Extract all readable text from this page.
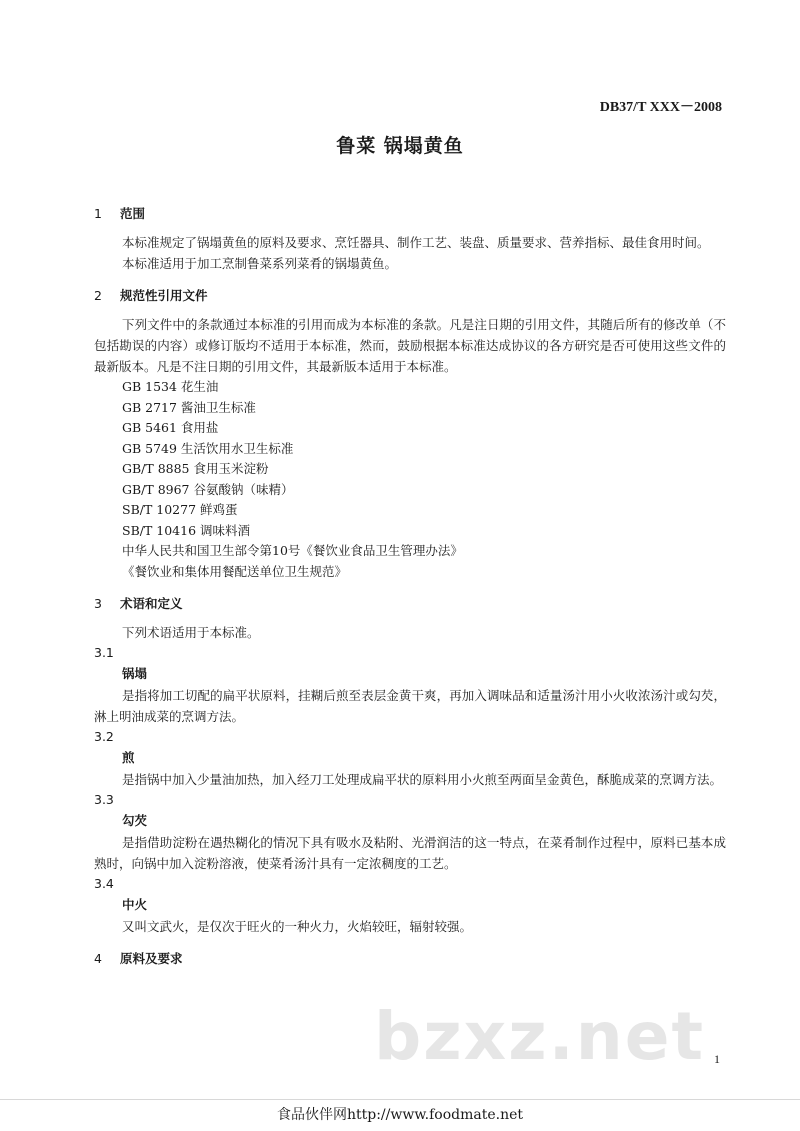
DB37/T XXX－2008
鲁菜 锅塌黄鱼
1 范围

本标准规定了锅塌黄鱼的原料及要求、烹饪器具、制作工艺、装盘、质量要求、营养指标、最佳食用时间。

本标准适用于加工烹制鲁菜系列菜肴的锅塌黄鱼。

2 规范性引用文件

下列文件中的条款通过本标准的引用而成为本标准的条款。凡是注日期的引用文件，其随后所有的修改单（不包括勘误的内容）或修订版均不适用于本标准，然而，鼓励根据本标准达成协议的各方研究是否可使用这些文件的最新版本。凡是不注日期的引用文件，其最新版本适用于本标准。

GB 1534 花生油
GB 2717 酱油卫生标准
GB 5461 食用盐
GB 5749 生活饮用水卫生标准
GB/T 8885 食用玉米淀粉
GB/T 8967 谷氨酸钠（味精）
SB/T 10277 鲜鸡蛋
SB/T 10416 调味料酒
中华人民共和国卫生部令第10号《餐饮业食品卫生管理办法》
《餐饮业和集体用餐配送单位卫生规范》
3 术语和定义

下列术语适用于本标准。

3.1
锅塌

是指将加工切配的扁平状原料，挂糊后煎至表层金黄干爽，再加入调味品和适量汤汁用小火收浓汤汁或勾芡，淋上明油成菜的烹调方法。

3.2
煎

是指锅中加入少量油加热，加入经刀工处理成扁平状的原料用小火煎至两面呈金黄色，酥脆成菜的烹调方法。

3.3
勾芡

是指借助淀粉在遇热糊化的情况下具有吸水及粘附、光滑润洁的这一特点，在菜肴制作过程中，原料已基本成熟时，向锅中加入淀粉溶液，使菜肴汤汁具有一定浓稠度的工艺。

3.4
中火

又叫文武火，是仅次于旺火的一种火力，火焰较旺，辐射较强。

4 原料及要求
bzxz.net 1
食品伙伴网http://www.foodmate.net
